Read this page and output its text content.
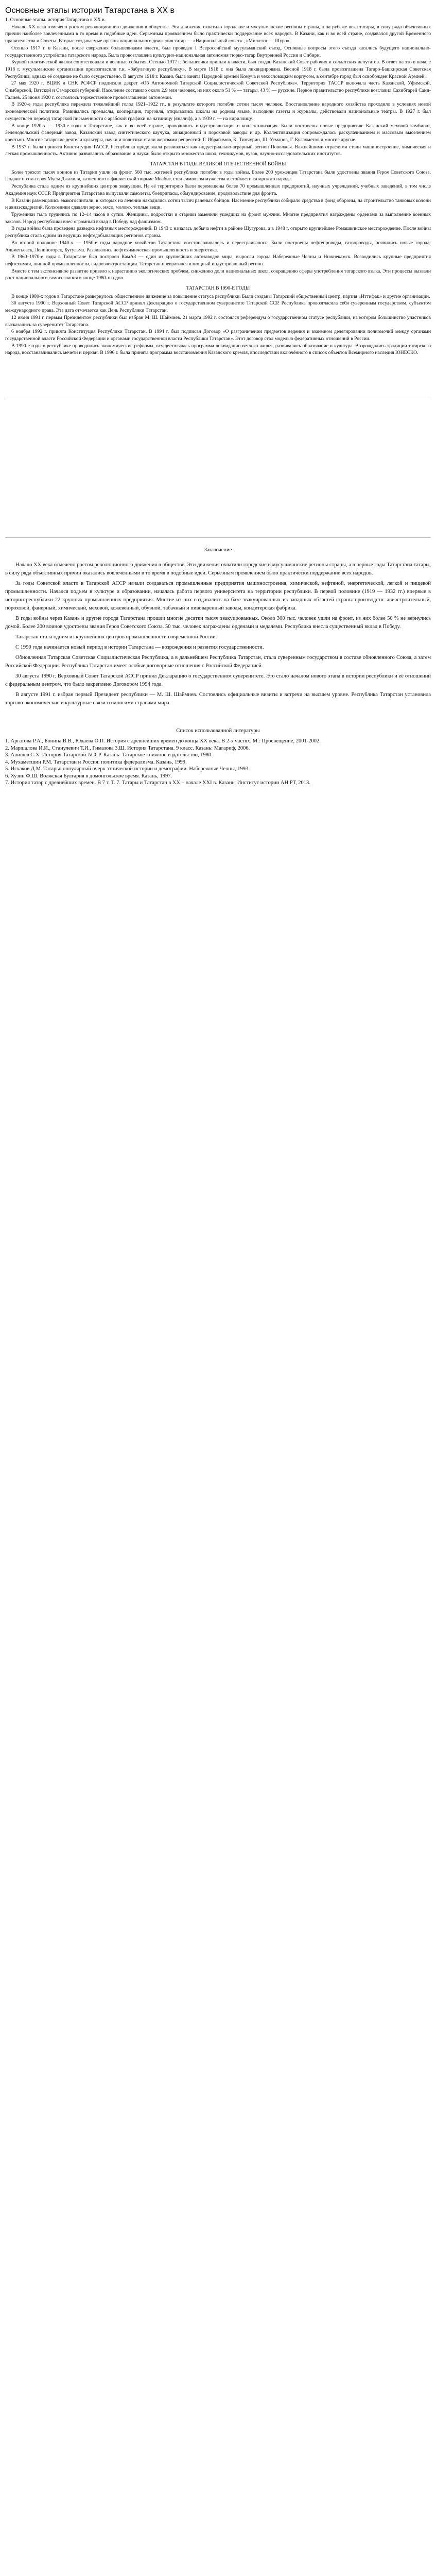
Основные этапы истории Татарстана в ХХ в

1. Основные этапы. история Татарстана в ХХ в.

Начало ХХ века отмечено ростом революционного движения в обществе. Эта движение охватило городские и мусульманские регионы страны, а на рубеже века татары, в силу ряда объективных причин наиболее вовлеченными в то время в подобные идеи. Серьезным проявлением было практически поддержание всех народов. В Казани, как и во всей стране, создавался другой Временного правительства и Советы. Вторые создаваемые органы национального движения татар — «Национальный совет» , «Миллэт» — Шуро».

Осенью 1917 г. в Казани, после свержения большевиками власти, был проведен I Всероссийский мусульманский съезд. Основные вопросы этого съезда касались будущего национально-государственного устройства татарского народа. Была провозглашена культурно-национальная автономия тюрко-татар Внутренней России и Сибири.

Бурной политической жизни сопутствовали и военные события. Осенью 1917 г. большевики пришли к власти, был создан Казанский Совет рабочих и солдатских депутатов. В ответ на это в начале 1918 г. мусульманские организации провозгласили т.н. «Забулачную республику». В марте 1918 г. она была ликвидирована. Весной 1918 г. была провозглашена Татаро-Башкирская Советская Республика, однако её создание не было осуществлено. В августе 1918 г. Казань была занята Народной армией Комуча и чехословацким корпусом, в сентябре город был освобожден Красной Армией.

27 мая 1920 г. ВЦИК и СНК РСФСР подписали декрет «Об Автономной Татарской Социалистической Советской Республике». Территория ТАССР включала часть Казанской, Уфимской, Симбирской, Вятской и Самарской губерний. Население составило около 2,9 млн человек, из них около 51 % — татары, 43 % — русские. Первое правительство республики возглавил Сахибгарей Саид-Галиев. 25 июня 1920 г. состоялось торжественное провозглашение автономии.

В 1920-е годы республика пережила тяжелейший голод 1921–1922 гг., в результате которого погибли сотни тысяч человек. Восстановление народного хозяйства проходило в условиях новой экономической политики. Развивались промыслы, кооперация, торговля, открывались школы на родном языке, выходили газеты и журналы, действовали национальные театры. В 1927 г. был осуществлен переход татарской письменности с арабской графики на латиницу (яналиф), а в 1939 г. — на кириллицу.

В конце 1920-х — 1930-е годы в Татарстане, как и во всей стране, проводились индустриализация и коллективизация. Были построены новые предприятия: Казанский меховой комбинат, Зеленодольский фанерный завод, Казанский завод синтетического каучука, авиационный и пороховой заводы и др. Коллективизация сопровождалась раскулачиванием и массовым выселением крестьян. Многие татарские деятели культуры, науки и политики стали жертвами репрессий: Г. Ибрагимов, К. Тинчурин, Ш. Усманов, Г. Кулахметов и многие другие.

В 1937 г. была принята Конституция ТАССР. Республика продолжала развиваться как индустриально-аграрный регион Поволжья. Важнейшими отраслями стали машиностроение, химическая и легкая промышленность. Активно развивались образование и наука: было открыто множество школ, техникумов, вузов, научно-исследовательских институтов.

ТАТАРСТАН В ГОДЫ ВЕЛИКОЙ ОТЕЧЕСТВЕННОЙ ВОЙНЫ

Более трехсот тысяч воинов из Татарии ушли на фронт. 560 тыс. жителей республики погибли в годы войны. Более 200 уроженцев Татарстана были удостоены звания Героя Советского Союза. Подвиг поэта-героя Мусы Джалиля, казненного в фашистской тюрьме Моабит, стал символом мужества и стойкости татарского народа.

Республика стала одним из крупнейших центров эвакуации. На её территорию были перемещены более 70 промышленных предприятий, научных учреждений, учебных заведений, в том числе Академия наук СССР. Предприятия Татарстана выпускали самолеты, боеприпасы, обмундирование, продовольствие для фронта.

В Казани размещались эвакогоспитали, в которых на лечении находились сотни тысяч раненых бойцов. Население республики собирало средства в фонд обороны, на строительство танковых колонн и авиаэскадрилий. Колхозники сдавали зерно, мясо, молоко, теплые вещи.

Труженики тыла трудились по 12–14 часов в сутки. Женщины, подростки и старики заменили ушедших на фронт мужчин. Многие предприятия награждены орденами за выполнение военных заказов. Народ республики внес огромный вклад в Победу над фашизмом.

В годы войны была проведена разведка нефтяных месторождений. В 1943 г. началась добыча нефти в районе Шугурова, а в 1948 г. открыто крупнейшее Ромашкинское месторождение. После войны республика стала одним из ведущих нефтедобывающих регионов страны.

Во второй половине 1940-х — 1950-е годы народное хозяйство Татарстана восстанавливалось и перестраивалось. Были построены нефтепроводы, газопроводы, появились новые города: Альметьевск, Лениногорск, Бугульма. Развивались нефтехимическая промышленность и энергетика.

В 1960–1970-е годы в Татарстане был построен КамАЗ — один из крупнейших автозаводов мира, выросли города Набережные Челны и Нижнекамск. Возводились крупные предприятия нефтехимии, шинной промышленности, гидроэлектростанции. Татарстан превратился в мощный индустриальный регион.

Вместе с тем экстенсивное развитие привело к нарастанию экологических проблем, снижению доли национальных школ, сокращению сферы употребления татарского языка. Эти процессы вызвали рост национального самосознания в конце 1980-х годов.

ТАТАРСТАН В 1990-Е ГОДЫ

В конце 1980-х годов в Татарстане развернулось общественное движение за повышение статуса республики. Были созданы Татарский общественный центр, партия «Иттифак» и другие организации.

30 августа 1990 г. Верховный Совет Татарской АССР принял Декларацию о государственном суверенитете Татарской ССР. Республика провозгласила себя суверенным государством, субъектом международного права. Эта дата отмечается как День Республики Татарстан.

12 июня 1991 г. первым Президентом республики был избран М. Ш. Шаймиев. 21 марта 1992 г. состоялся референдум о государственном статусе республики, на котором большинство участников высказались за суверенитет Татарстана.

6 ноября 1992 г. принята Конституция Республики Татарстан. В 1994 г. был подписан Договор «О разграничении предметов ведения и взаимном делегировании полномочий между органами государственной власти Российской Федерации и органами государственной власти Республики Татарстан». Этот договор стал моделью федеративных отношений в России.

В 1990-е годы в республике проводились экономические реформы, осуществлялась программа ликвидации ветхого жилья, развивались образование и культура. Возрождались традиции татарского народа, восстанавливались мечети и церкви. В 1996 г. была принята программа восстановления Казанского кремля, впоследствии включённого в список объектов Всемирного наследия ЮНЕСКО.

Заключение

Начало ХХ века отмечено ростом революционного движения в обществе. Эти движения охватили городские и мусульманские регионы страны, а в первые годы Татарстана татары, в силу ряда объективных причин оказались вовлечёнными в то время в подобные идеи. Серьезным проявлением было практически поддержание всех народов.

За годы Советской власти в Татарской АССР начали создаваться промышленные предприятия машиностроения, химической, нефтяной, энергетической, легкой и пищевой промышленности. Начался подъем в культуре и образовании, началась работа первого университета на территории республики. В первой половине (1919 — 1932 гг.) впервые в истории республики 22 крупных промышленных предприятия. Многие из них создавались на базе эвакуированных из западных областей страны производств: авиастроительный, пороховой, фанерный, химический, меховой, кожевенный, обувной, табачный и пивоваренный заводы, кондитерская фабрика.

В годы войны через Казань и другие города Татарстана прошли многие десятки тысяч эвакуированных. Около 300 тыс. человек ушли на фронт, из них более 50 % не вернулись домой. Более 200 воинов удостоены звания Героя Советского Союза. 50 тыс. человек награждены орденами и медалями. Республика внесла существенный вклад в Победу.

Татарстан стала одним из крупнейших центров промышленности современной России.

С 1990 года начинается новый период в истории Татарстана — возрождения и развития государственности.

Обновленная Татарская Советская Социалистическая Республика, а в дальнейшем Республика Татарстан, стала суверенным государством в составе обновленного Союза, а затем Российской Федерации. Республика Татарстан имеет особые договорные отношения с Российской Федерацией.

30 августа 1990 г. Верховный Совет Татарской АССР принял Декларацию о государственном суверенитете. Это стало началом нового этапа в истории республики и её отношений с федеральным центром, что было закреплено Договором 1994 года.

В августе 1991 г. избран первый Президент республики — М. Ш. Шаймиев. Состоялись официальные визиты и встречи на высшем уровне. Республика Татарстан установила торгово-экономические и культурные связи со многими странами мира.

Список использованной литературы
1. Аргатова Р.А., Бонина В.В., Юдаева О.П. История с древнейших времен до конца ХХ века. В 2-х частях. М.: Просвещение, 2001-2002.
2. Маршалова И.И., Станулевич Т.И., Гимазова З.Ш. История Татарстана. 9 класс. Казань: Магариф, 2006.
3. Алишев С.Х. История Татарской АССР. Казань: Татарское книжное издательство, 1980.
4. Мухаметшин Р.М. Татарстан и Россия: политика федерализма. Казань, 1999.
5. Исхаков Д.М. Татары: популярный очерк этнической истории и демографии. Набережные Челны, 1993.
6. Хузин Ф.Ш. Волжская Булгария в домонгольское время. Казань, 1997.
7. История татар с древнейших времен. В 7 т. Т. 7. Татары и Татарстан в ХХ – начале ХХI в. Казань: Институт истории АН РТ, 2013.
